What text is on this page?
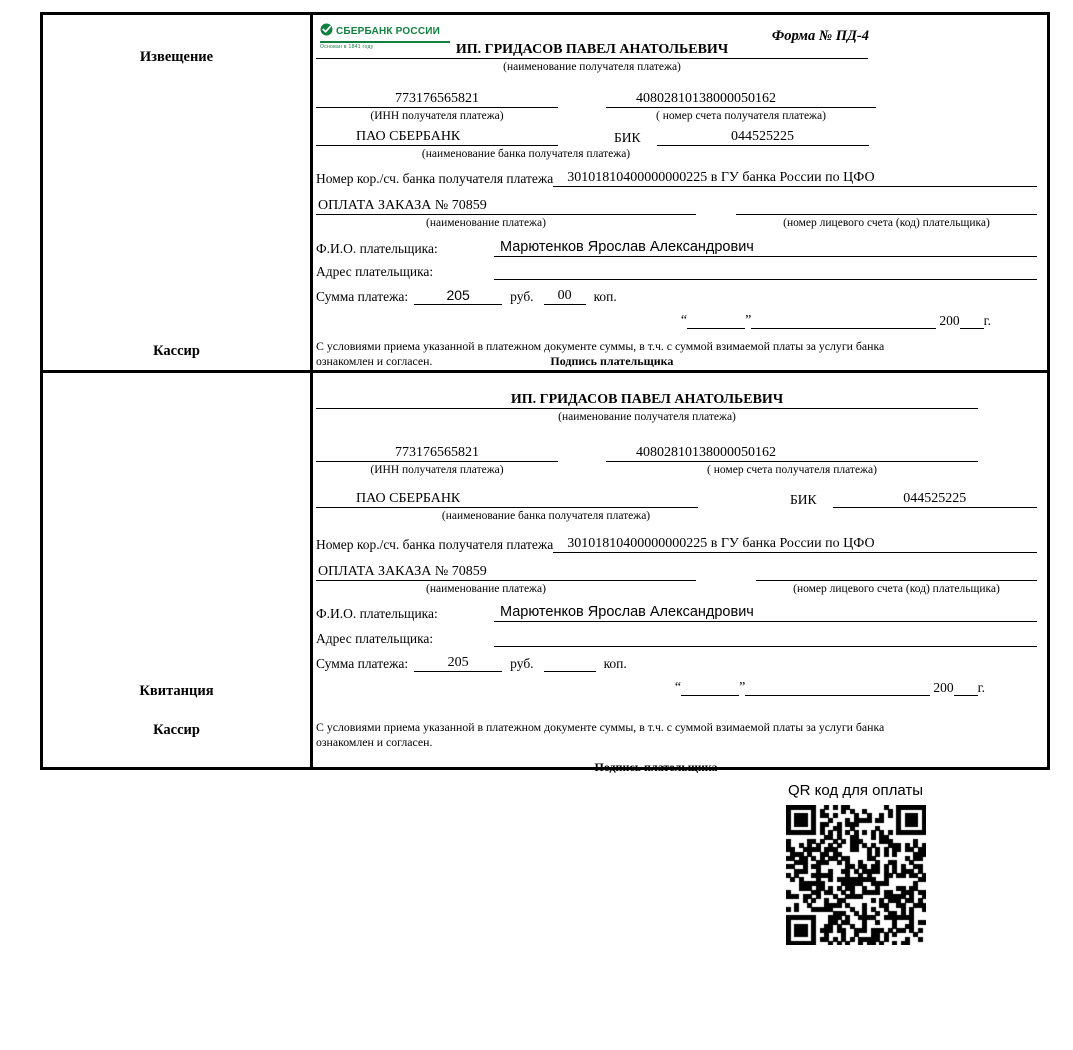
Извещение
Кассир
СБЕРБАНК РОССИИ
Основан в 1841 году
Форма № ПД-4
ИП. ГРИДАСОВ ПАВЕЛ АНАТОЛЬЕВИЧ
(наименование получателя платежа)
773176565821	40802810138000050162
(ИНН получателя платежа)	( номер счета получателя платежа)
ПАО СБЕРБАНК	БИК	044525225
(наименование банка получателя платежа)
Номер кор./сч. банка получателя платежа	30101810400000000225 в ГУ банка России по ЦФО
ОПЛАТА ЗАКАЗА № 70859
(наименование платежа)	(номер лицевого счета (код) плательщика)
Ф.И.О. плательщика:	Марютенков Ярослав Александрович
Адрес плательщика:
Сумма платежа:	205	руб.	00	коп.
“	”	200 г.
С условиями приема указанной в платежном документе суммы, в т.ч. с суммой взимаемой платы за услуги банка
ознакомлен и согласен.	Подпись плательщика
Квитанция
Кассир
ИП. ГРИДАСОВ ПАВЕЛ АНАТОЛЬЕВИЧ
(наименование получателя платежа)
773176565821	40802810138000050162
(ИНН получателя платежа)	( номер счета получателя платежа)
ПАО СБЕРБАНК	БИК	044525225
(наименование банка получателя платежа)
Номер кор./сч. банка получателя платежа	30101810400000000225 в ГУ банка России по ЦФО
ОПЛАТА ЗАКАЗА № 70859
(наименование платежа)	(номер лицевого счета (код) плательщика)
Ф.И.О. плательщика:	Марютенков Ярослав Александрович
Адрес плательщика:
Сумма платежа:	205	руб.	коп.
“	”	200 г.
С условиями приема указанной в платежном документе суммы, в т.ч. с суммой взимаемой платы за услуги банка
ознакомлен и согласен.
Подпись плательщика
QR код для оплаты
